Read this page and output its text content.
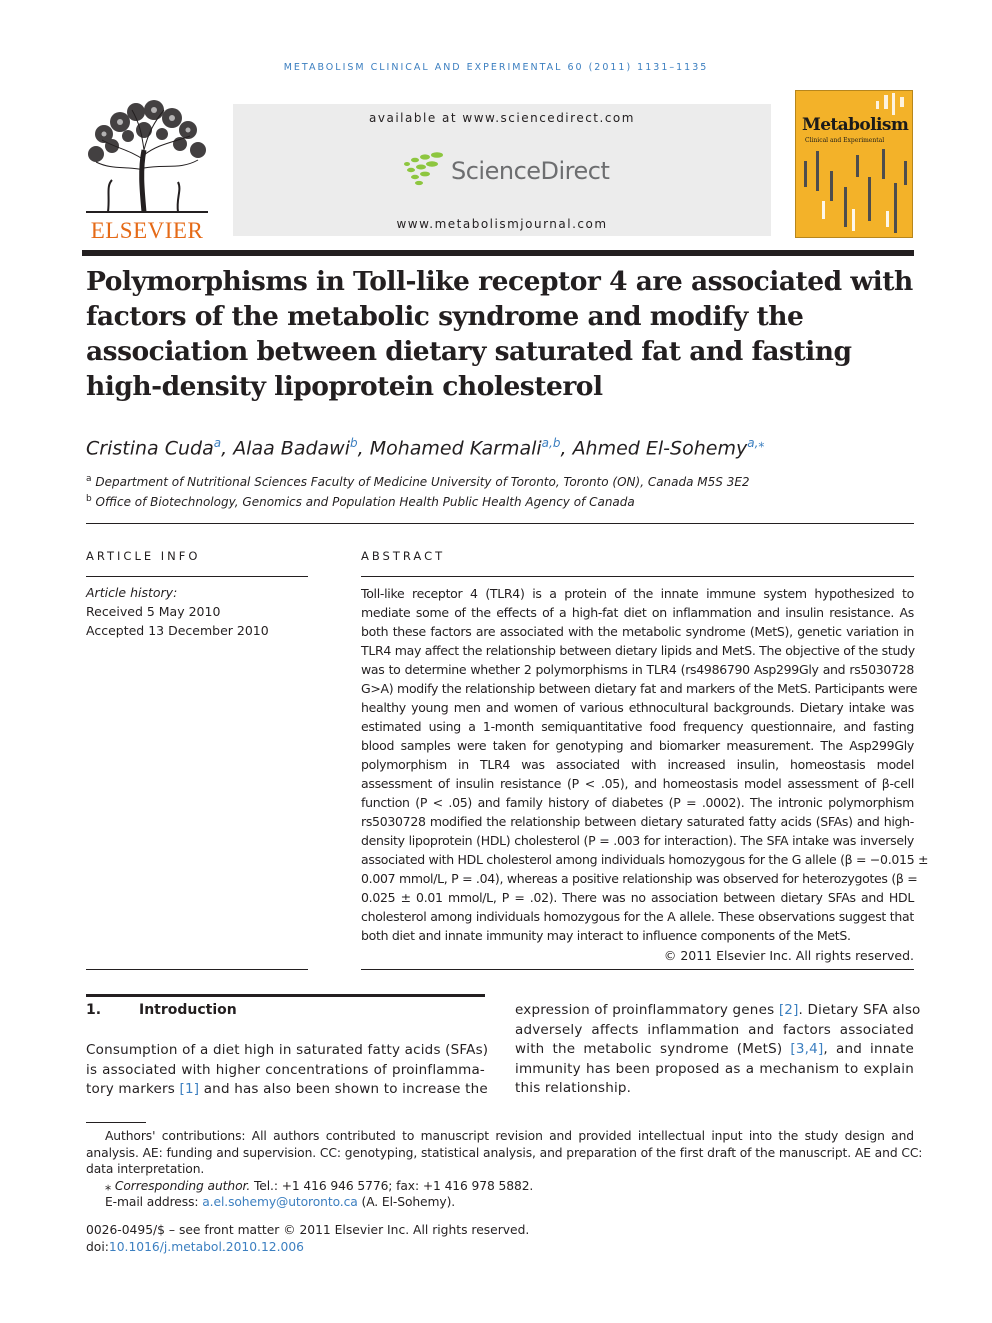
METABOLISM CLINICAL AND EXPERIMENTAL 60 (2011) 1131–1135
ELSEVIER
available at www.sciencedirect.com
ScienceDirect
www.metabolismjournal.com
Metabolism
Clinical and Experimental
Polymorphisms in Toll-like receptor 4 are associated with factors of the metabolic syndrome and modify the association between dietary saturated fat and fasting high-density lipoprotein cholesterol
Cristina Cuda$^a$, Alaa Badawi$^b$, Mohamed Karmali$^{a,b}$, Ahmed El-Sohemy$^{a,⁎}$
$^a$ Department of Nutritional Sciences Faculty of Medicine University of Toronto, Toronto (ON), Canada M5S 3E2
$^b$ Office of Biotechnology, Genomics and Population Health Public Health Agency of Canada
ARTICLE INFO
Article history:
Received 5 May 2010
Accepted 13 December 2010
ABSTRACT
Toll-like receptor 4 (TLR4) is a protein of the innate immune system hypothesized to
mediate some of the effects of a high-fat diet on inflammation and insulin resistance. As
both these factors are associated with the metabolic syndrome (MetS), genetic variation in
TLR4 may affect the relationship between dietary lipids and MetS. The objective of the study
was to determine whether 2 polymorphisms in TLR4 (rs4986790 Asp299Gly and rs5030728
G>A) modify the relationship between dietary fat and markers of the MetS. Participants were
healthy young men and women of various ethnocultural backgrounds. Dietary intake was
estimated using a 1-month semiquantitative food frequency questionnaire, and fasting
blood samples were taken for genotyping and biomarker measurement. The Asp299Gly
polymorphism in TLR4 was associated with increased insulin, homeostasis model
assessment of insulin resistance (P < .05), and homeostasis model assessment of β-cell
function (P < .05) and family history of diabetes (P = .0002). The intronic polymorphism
rs5030728 modified the relationship between dietary saturated fatty acids (SFAs) and high-
density lipoprotein (HDL) cholesterol (P = .003 for interaction). The SFA intake was inversely
associated with HDL cholesterol among individuals homozygous for the G allele (β = −0.015 ±
0.007 mmol/L, P = .04), whereas a positive relationship was observed for heterozygotes (β =
0.025 ± 0.01 mmol/L, P = .02). There was no association between dietary SFAs and HDL
cholesterol among individuals homozygous for the A allele. These observations suggest that
both diet and innate immunity may interact to influence components of the MetS.
© 2011 Elsevier Inc. All rights reserved.
1.	Introduction
Consumption of a diet high in saturated fatty acids (SFAs)
is associated with higher concentrations of proinflamma-
tory markers [1] and has also been shown to increase the
expression of proinflammatory genes [2]. Dietary SFA also
adversely affects inflammation and factors associated
with the metabolic syndrome (MetS) [3,4], and innate
immunity has been proposed as a mechanism to explain
this relationship.
Authors' contributions: All authors contributed to manuscript revision and provided intellectual input into the study design and
analysis. AE: funding and supervision. CC: genotyping, statistical analysis, and preparation of the first draft of the manuscript. AE and CC:
data interpretation.
⁎ Corresponding author. Tel.: +1 416 946 5776; fax: +1 416 978 5882.
E-mail address: a.el.sohemy@utoronto.ca (A. El-Sohemy).
0026-0495/$ – see front matter © 2011 Elsevier Inc. All rights reserved.
doi:10.1016/j.metabol.2010.12.006
